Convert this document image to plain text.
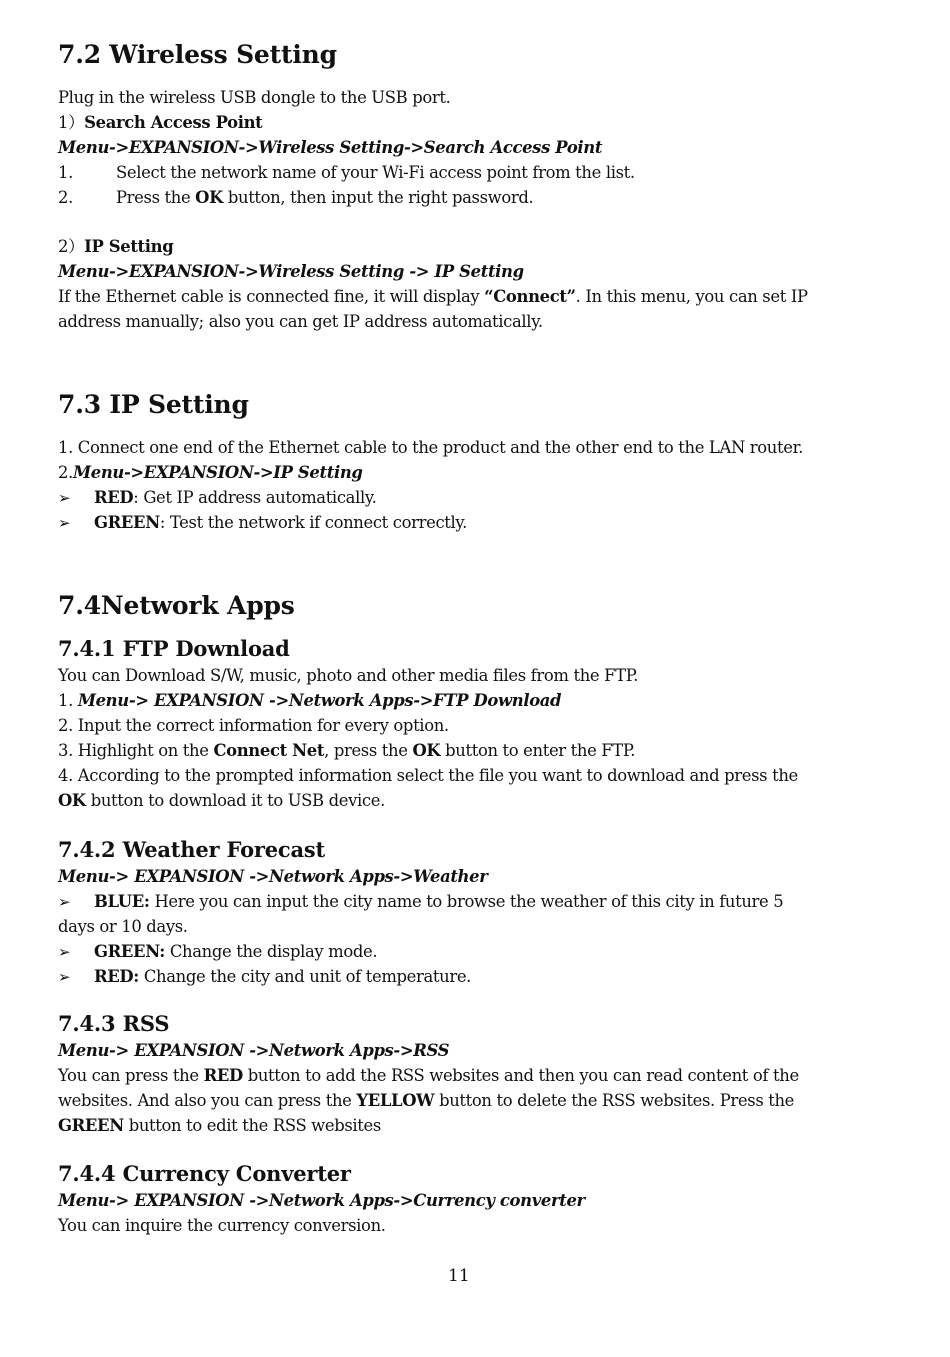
7.2 Wireless Setting
Plug in the wireless USB dongle to the USB port.
1）Search Access Point
Menu->EXPANSION->Wireless Setting->Search Access Point
1.	Select the network name of your Wi-Fi access point from the list.
2.	Press the OK button, then input the right password.
2）IP Setting
Menu->EXPANSION->Wireless Setting -> IP Setting
If the Ethernet cable is connected fine, it will display “Connect”. In this menu, you can set IP
address manually; also you can get IP address automatically.
7.3 IP Setting
1. Connect one end of the Ethernet cable to the product and the other end to the LAN router.
2.Menu->EXPANSION->IP Setting
➢ RED: Get IP address automatically.
➢ GREEN: Test the network if connect correctly.
7.4Network Apps
7.4.1 FTP Download
You can Download S/W, music, photo and other media files from the FTP.
1. Menu-> EXPANSION ->Network Apps->FTP Download
2. Input the correct information for every option.
3. Highlight on the Connect Net, press the OK button to enter the FTP.
4. According to the prompted information select the file you want to download and press the
OK button to download it to USB device.
7.4.2 Weather Forecast
Menu-> EXPANSION ->Network Apps->Weather
➢ BLUE: Here you can input the city name to browse the weather of this city in future 5
days or 10 days.
➢ GREEN: Change the display mode.
➢ RED: Change the city and unit of temperature.
7.4.3 RSS
Menu-> EXPANSION ->Network Apps->RSS
You can press the RED button to add the RSS websites and then you can read content of the
websites. And also you can press the YELLOW button to delete the RSS websites. Press the
GREEN button to edit the RSS websites
7.4.4 Currency Converter
Menu-> EXPANSION ->Network Apps->Currency converter
You can inquire the currency conversion.
11
